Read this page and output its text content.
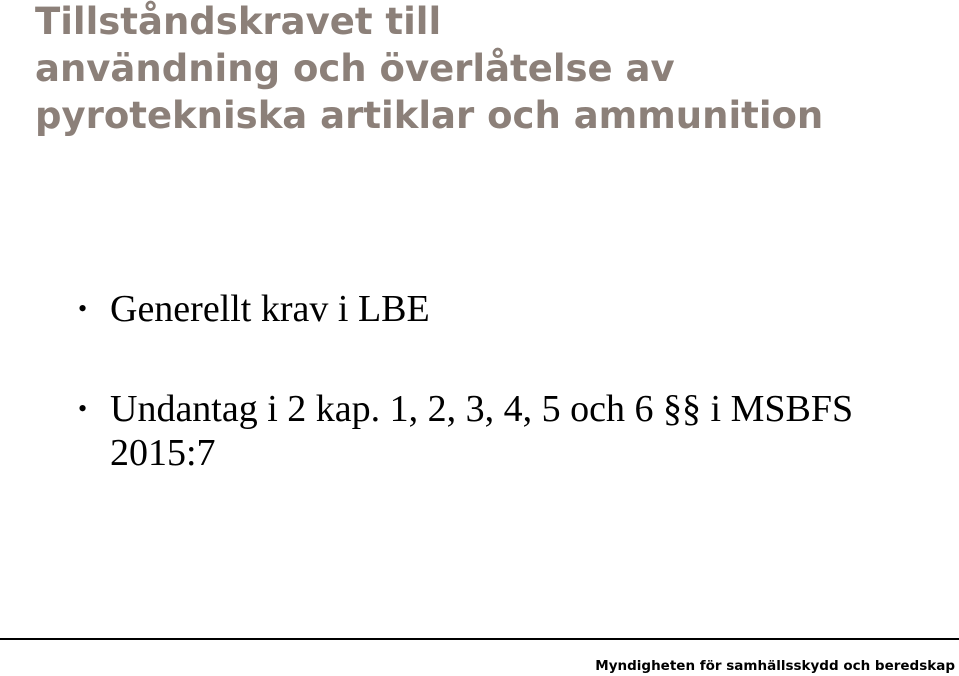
Tillståndskravet till
användning och överlåtelse av
pyrotekniska artiklar och ammunition
• Generellt krav i LBE
• Undantag i 2 kap. 1, 2, 3, 4, 5 och 6 §§ i MSBFS 2015:7
Myndigheten för samhällsskydd och beredskap
